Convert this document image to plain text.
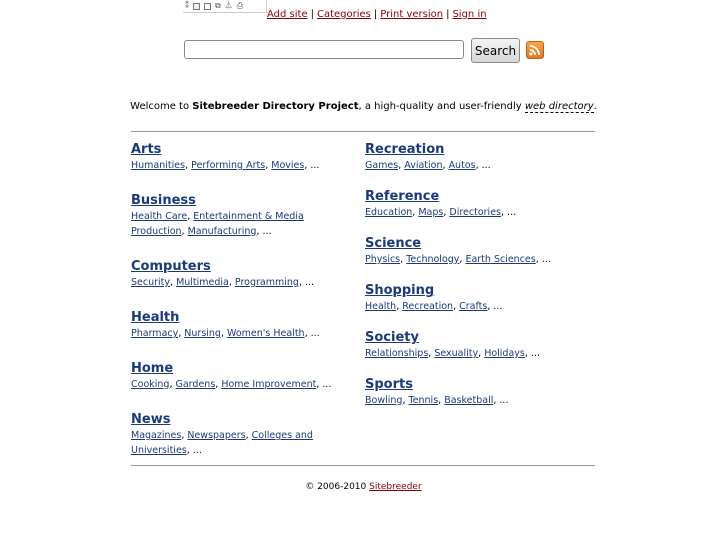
⁑	⧉ ⏃ ⎙
Add site | Categories | Print version | Sign in
Search
Welcome to Sitebreeder Directory Project, a high-quality and user-friendly web directory.
Arts
Humanities, Performing Arts, Movies, ...
Business
Health Care, Entertainment & Media Production, Manufacturing, ...
Computers
Security, Multimedia, Programming, ...
Health
Pharmacy, Nursing, Women's Health, ...
Home
Cooking, Gardens, Home Improvement, ...
News
Magazines, Newspapers, Colleges and Universities, ...
Recreation
Games, Aviation, Autos, ...
Reference
Education, Maps, Directories, ...
Science
Physics, Technology, Earth Sciences, ...
Shopping
Health, Recreation, Crafts, ...
Society
Relationships, Sexuality, Holidays, ...
Sports
Bowling, Tennis, Basketball, ...
© 2006-2010 Sitebreeder
